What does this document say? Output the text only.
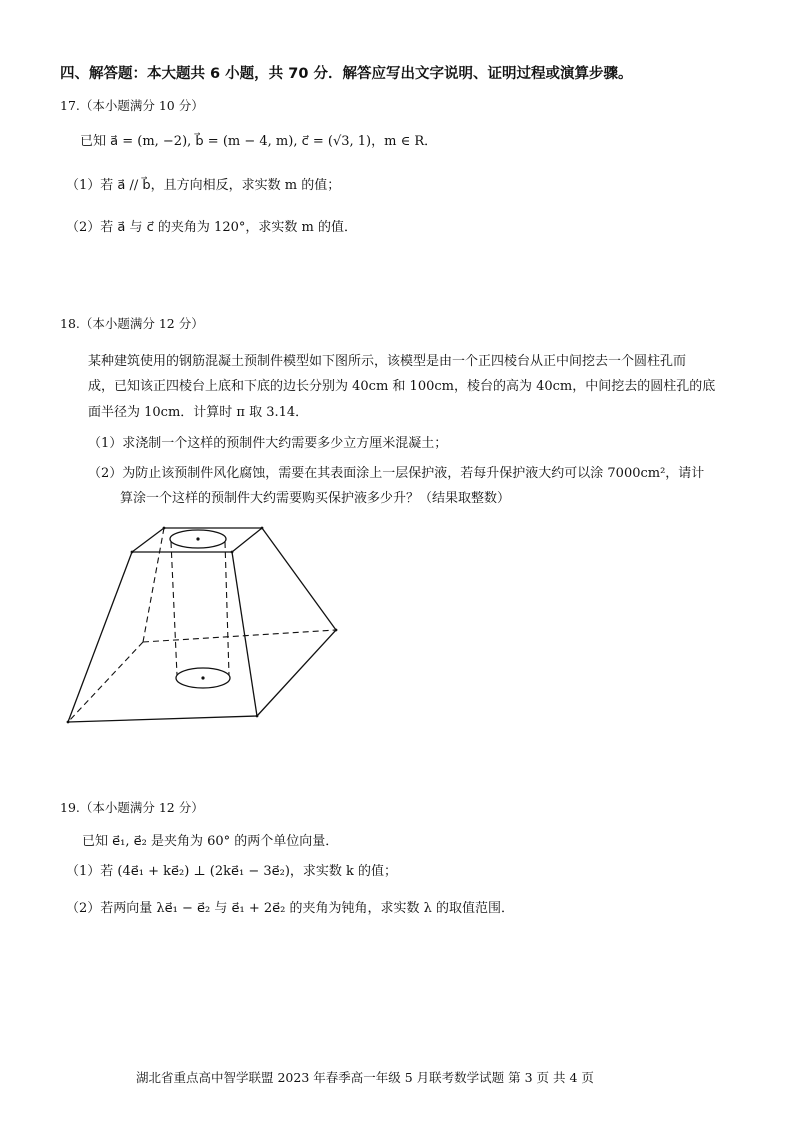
四、解答题：本大题共 6 小题，共 70 分．解答应写出文字说明、证明过程或演算步骤。
17.（本小题满分 10 分）
已知 a⃗ = (m, −2), b⃗ = (m − 4, m), c⃗ = (√3, 1)，m ∈ R．
（1）若 a⃗ // b⃗，且方向相反，求实数 m 的值；
（2）若 a⃗ 与 c⃗ 的夹角为 120°，求实数 m 的值．
18.（本小题满分 12 分）
某种建筑使用的钢筋混凝土预制件模型如下图所示，该模型是由一个正四棱台从正中间挖去一个圆柱孔而
成，已知该正四棱台上底和下底的边长分别为 40cm 和 100cm，棱台的高为 40cm，中间挖去的圆柱孔的底
面半径为 10cm．计算时 π 取 3.14．
（1）求浇制一个这样的预制件大约需要多少立方厘米混凝土；
（2）为防止该预制件风化腐蚀，需要在其表面涂上一层保护液，若每升保护液大约可以涂 7000cm²，请计
算涂一个这样的预制件大约需要购买保护液多少升？（结果取整数）
19.（本小题满分 12 分）
已知 e⃗₁, e⃗₂ 是夹角为 60° 的两个单位向量．
（1）若 (4e⃗₁ + ke⃗₂) ⊥ (2ke⃗₁ − 3e⃗₂)，求实数 k 的值；
（2）若两向量 λe⃗₁ − e⃗₂ 与 e⃗₁ + 2e⃗₂ 的夹角为钝角，求实数 λ 的取值范围．
湖北省重点高中智学联盟 2023 年春季高一年级 5 月联考数学试题 第 3 页 共 4 页
